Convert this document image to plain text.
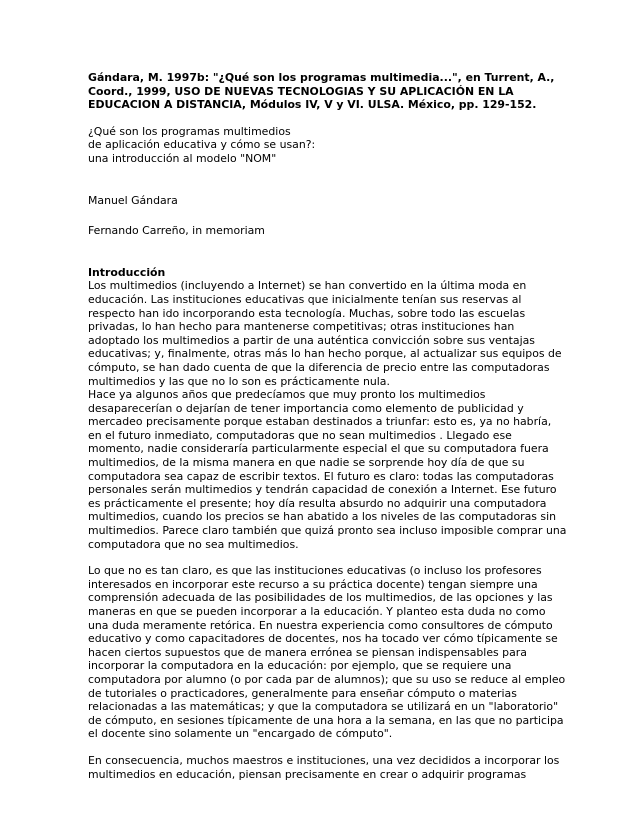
Gándara, M. 1997b: "¿Qué son los programas multimedia...", en Turrent, A.,
Coord., 1999, USO DE NUEVAS TECNOLOGIAS Y SU APLICACIÓN EN LA
EDUCACION A DISTANCIA, Módulos IV, V y VI. ULSA. México, pp. 129-152.

¿Qué son los programas multimedios
de aplicación educativa y cómo se usan?:
una introducción al modelo "NOM"
Manuel Gándara
Fernando Carreño, in memoriam
Introducción
Los multimedios (incluyendo a Internet) se han convertido en la última moda en
educación. Las instituciones educativas que inicialmente tenían sus reservas al
respecto han ido incorporando esta tecnología. Muchas, sobre todo las escuelas
privadas, lo han hecho para mantenerse competitivas; otras instituciones han
adoptado los multimedios a partir de una auténtica convicción sobre sus ventajas
educativas; y, finalmente, otras más lo han hecho porque, al actualizar sus equipos de
cómputo, se han dado cuenta de que la diferencia de precio entre las computadoras
multimedios y las que no lo son es prácticamente nula.
Hace ya algunos años que predecíamos que muy pronto los multimedios
desaparecerían o dejarían de tener importancia como elemento de publicidad y
mercadeo precisamente porque estaban destinados a triunfar: esto es, ya no habría,
en el futuro inmediato, computadoras que no sean multimedios . Llegado ese
momento, nadie consideraría particularmente especial el que su computadora fuera
multimedios, de la misma manera en que nadie se sorprende hoy día de que su
computadora sea capaz de escribir textos. El futuro es claro: todas las computadoras
personales serán multimedios y tendrán capacidad de conexión a Internet. Ese futuro
es prácticamente el presente; hoy día resulta absurdo no adquirir una computadora
multimedios, cuando los precios se han abatido a los niveles de las computadoras sin
multimedios. Parece claro también que quizá pronto sea incluso imposible comprar una
computadora que no sea multimedios.
Lo que no es tan claro, es que las instituciones educativas (o incluso los profesores
interesados en incorporar este recurso a su práctica docente) tengan siempre una
comprensión adecuada de las posibilidades de los multimedios, de las opciones y las
maneras en que se pueden incorporar a la educación. Y planteo esta duda no como
una duda meramente retórica. En nuestra experiencia como consultores de cómputo
educativo y como capacitadores de docentes, nos ha tocado ver cómo típicamente se
hacen ciertos supuestos que de manera errónea se piensan indispensables para
incorporar la computadora en la educación: por ejemplo, que se requiere una
computadora por alumno (o por cada par de alumnos); que su uso se reduce al empleo
de tutoriales o practicadores, generalmente para enseñar cómputo o materias
relacionadas a las matemáticas; y que la computadora se utilizará en un "laboratorio"
de cómputo, en sesiones típicamente de una hora a la semana, en las que no participa
el docente sino solamente un "encargado de cómputo".
En consecuencia, muchos maestros e instituciones, una vez decididos a incorporar los
multimedios en educación, piensan precisamente en crear o adquirir programas
